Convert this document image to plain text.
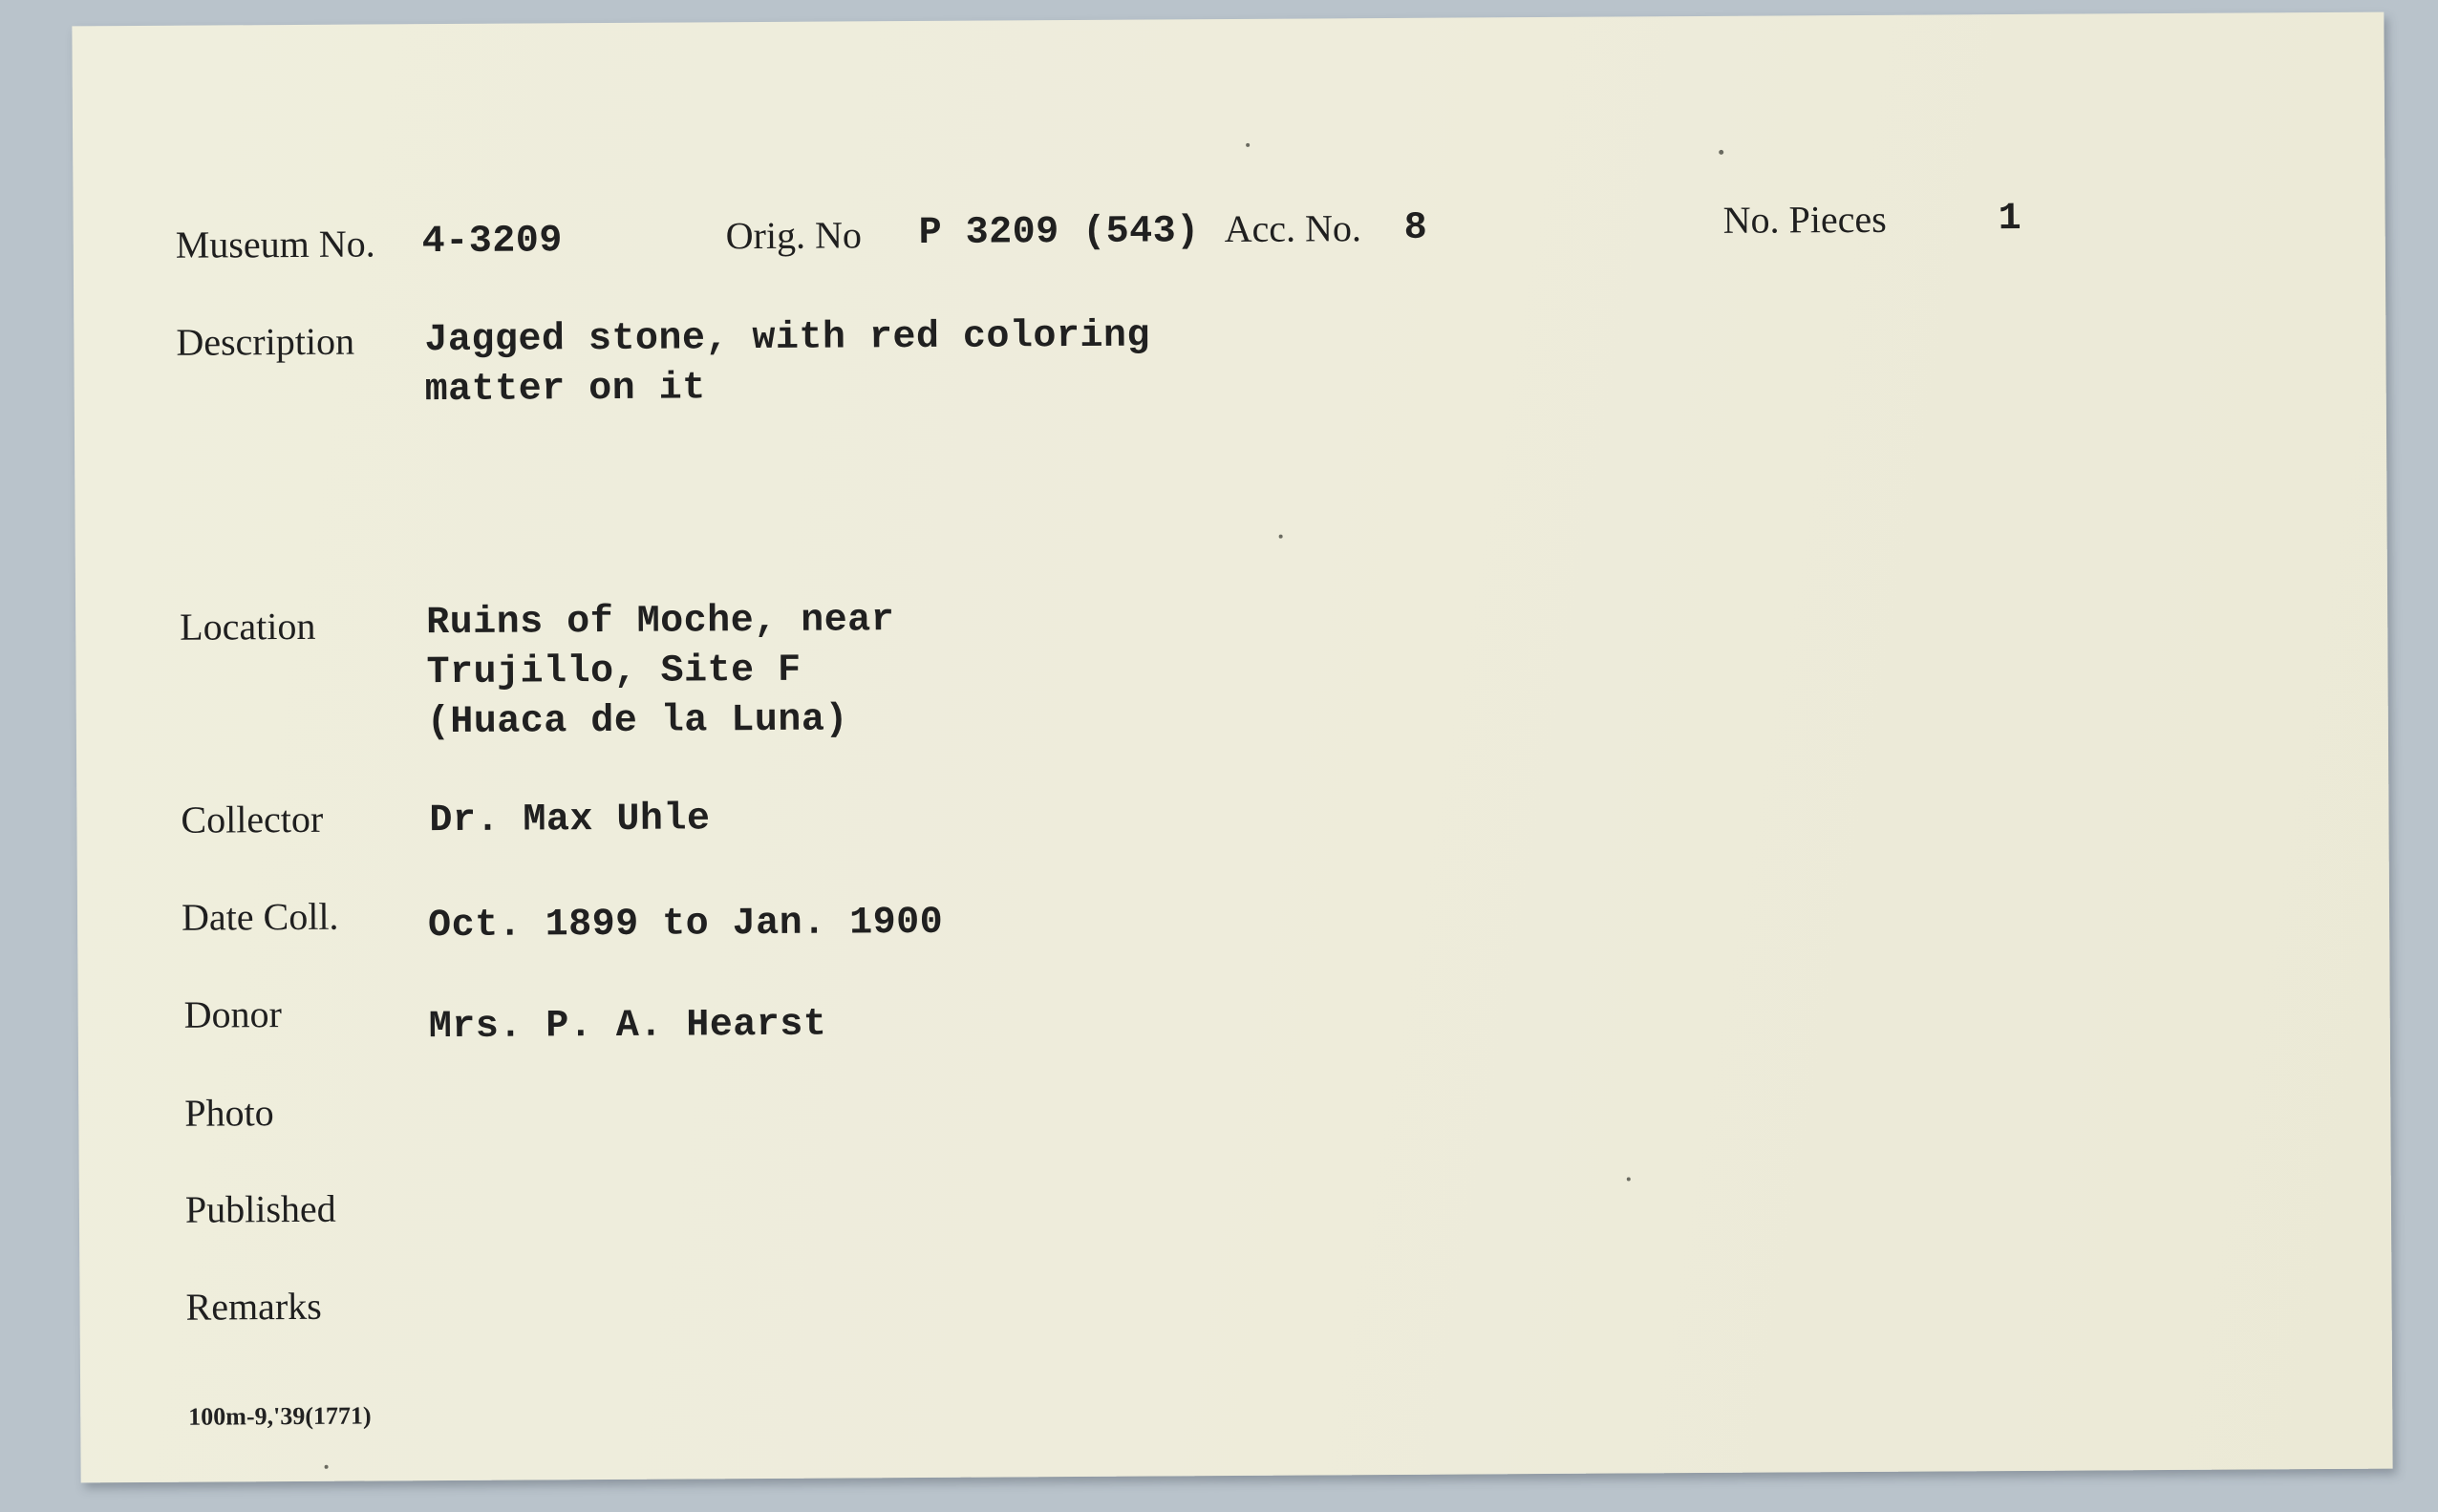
Museum No. 4-3209	Orig. No P 3209 (543) Acc. No. 8	No. Pieces	1
Description Jagged stone, with red coloring
matter on it
Location	Ruins of Moche, near
Trujillo, Site F
(Huaca de la Luna)
Collector	Dr. Max Uhle
Date Coll. Oct. 1899 to Jan. 1900
Donor	Mrs. P. A. Hearst
Photo
Published
Remarks
100m-9,'39(1771)
